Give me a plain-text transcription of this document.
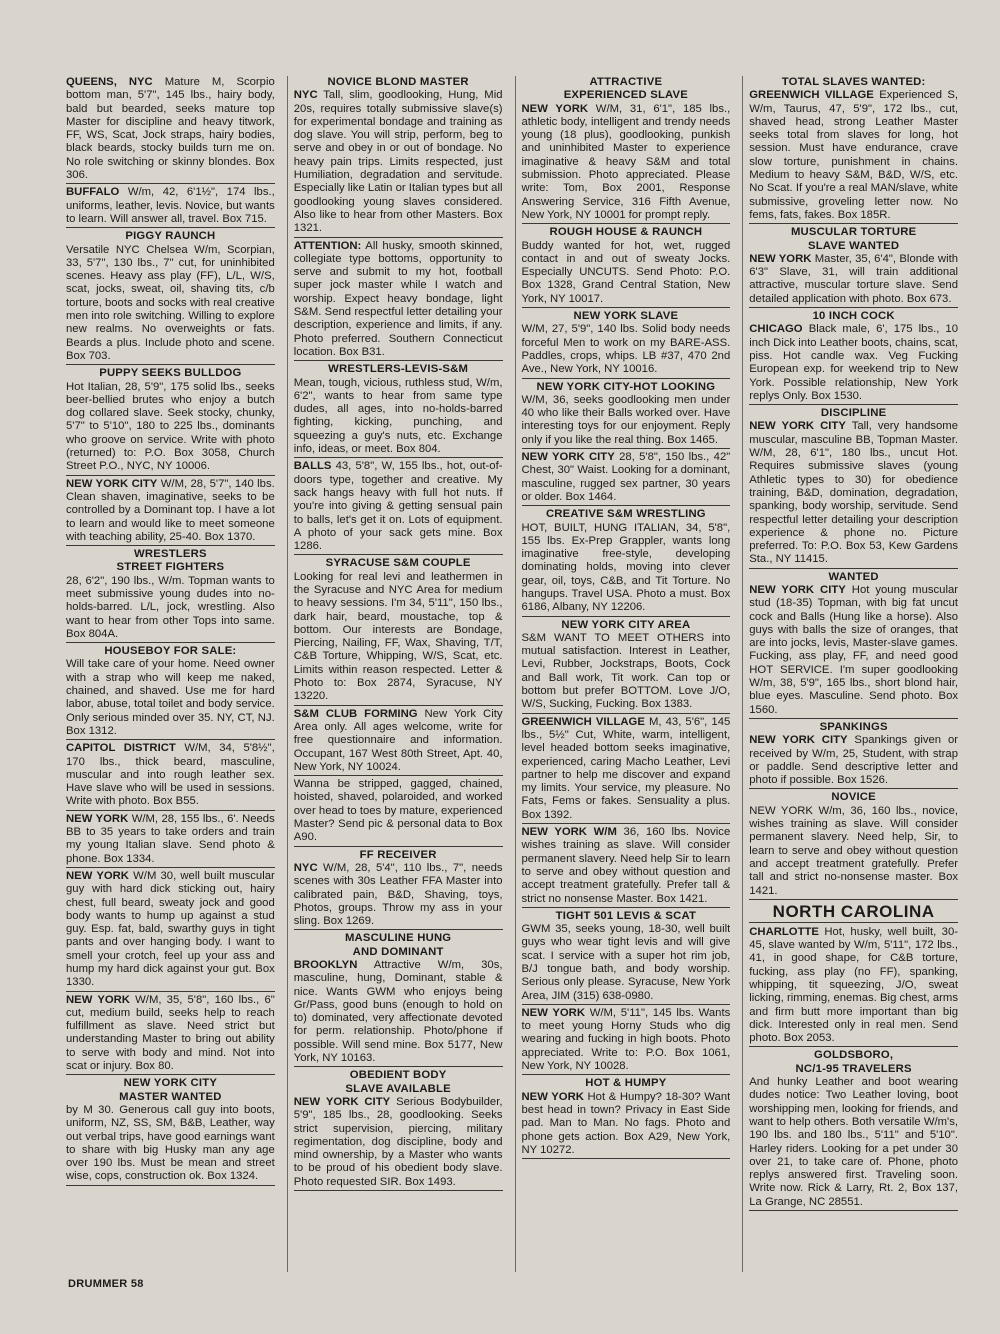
QUEENS, NYC Mature M, Scorpio bottom man, 5'7", 145 lbs., hairy body, bald but bearded, seeks mature top Master for discipline and heavy titwork, FF, WS, Scat, Jock straps, hairy bodies, black beards, stocky builds turn me on. No role switching or skinny blondes. Box 306.
BUFFALO W/m, 42, 6'1½", 174 lbs., uniforms, leather, levis. Novice, but wants to learn. Will answer all, travel. Box 715.
PIGGY RAUNCH
Versatile NYC Chelsea W/m, Scorpian, 33, 5'7", 130 lbs., 7" cut, for uninhibited scenes. Heavy ass play (FF), L/L, W/S, scat, jocks, sweat, oil, shaving tits, c/b torture, boots and socks with real creative men into role switching. Willing to explore new realms. No overweights or fats. Beards a plus. Include photo and scene. Box 703.
PUPPY SEEKS BULLDOG
Hot Italian, 28, 5'9", 175 solid lbs., seeks beer-bellied brutes who enjoy a butch dog collared slave. Seek stocky, chunky, 5'7" to 5'10", 180 to 225 lbs., dominants who groove on service. Write with photo (returned) to: P.O. Box 3058, Church Street P.O., NYC, NY 10006.
NEW YORK CITY W/M, 28, 5'7", 140 lbs. Clean shaven, imaginative, seeks to be controlled by a Dominant top. I have a lot to learn and would like to meet someone with teaching ability, 25-40. Box 1370.
WRESTLERS
STREET FIGHTERS
28, 6'2", 190 lbs., W/m. Topman wants to meet submissive young dudes into no-holds-barred. L/L, jock, wrestling. Also want to hear from other Tops into same. Box 804A.
HOUSEBOY FOR SALE:
Will take care of your home. Need owner with a strap who will keep me naked, chained, and shaved. Use me for hard labor, abuse, total toilet and body service. Only serious minded over 35. NY, CT, NJ. Box 1312.
CAPITOL DISTRICT W/M, 34, 5'8½", 170 lbs., thick beard, masculine, muscular and into rough leather sex. Have slave who will be used in sessions. Write with photo. Box B55.
NEW YORK W/M, 28, 155 lbs., 6'. Needs BB to 35 years to take orders and train my young Italian slave. Send photo & phone. Box 1334.
NEW YORK W/M 30, well built muscular guy with hard dick sticking out, hairy chest, full beard, sweaty jock and good body wants to hump up against a stud guy. Esp. fat, bald, swarthy guys in tight pants and over hanging body. I want to smell your crotch, feel up your ass and hump my hard dick against your gut. Box 1330.
NEW YORK W/M, 35, 5'8", 160 lbs., 6" cut, medium build, seeks help to reach fulfillment as slave. Need strict but understanding Master to bring out ability to serve with body and mind. Not into scat or injury. Box 80.
NEW YORK CITY
MASTER WANTED
by M 30. Generous call guy into boots, uniform, NZ, SS, SM, B&B, Leather, way out verbal trips, have good earnings want to share with big Husky man any age over 190 lbs. Must be mean and street wise, cops, construction ok. Box 1324.
NOVICE BLOND MASTER
NYC Tall, slim, goodlooking, Hung, Mid 20s, requires totally submissive slave(s) for experimental bondage and training as dog slave. You will strip, perform, beg to serve and obey in or out of bondage. No heavy pain trips. Limits respected, just Humiliation, degradation and servitude. Especially like Latin or Italian types but all goodlooking young slaves considered. Also like to hear from other Masters. Box 1321.
ATTENTION: All husky, smooth skinned, collegiate type bottoms, opportunity to serve and submit to my hot, football super jock master while I watch and worship. Expect heavy bondage, light S&M. Send respectful letter detailing your description, experience and limits, if any. Photo preferred. Southern Connecticut location. Box B31.
WRESTLERS-LEVIS-S&M
Mean, tough, vicious, ruthless stud, W/m, 6'2", wants to hear from same type dudes, all ages, into no-holds-barred fighting, kicking, punching, and squeezing a guy's nuts, etc. Exchange info, ideas, or meet. Box 804.
BALLS 43, 5'8", W, 155 lbs., hot, out-of-doors type, together and creative. My sack hangs heavy with full hot nuts. If you're into giving & getting sensual pain to balls, let's get it on. Lots of equipment. A photo of your sack gets mine. Box 1286.
SYRACUSE S&M COUPLE
Looking for real levi and leathermen in the Syracuse and NYC Area for medium to heavy sessions. I'm 34, 5'11", 150 lbs., dark hair, beard, moustache, top & bottom. Our interests are Bondage, Piercing, Nailing, FF, Wax, Shaving, T/T, C&B Torture, Whipping, W/S, Scat, etc. Limits within reason respected. Letter & Photo to: Box 2874, Syracuse, NY 13220.
S&M CLUB FORMING New York City Area only. All ages welcome, write for free questionnaire and information. Occupant, 167 West 80th Street, Apt. 40, New York, NY 10024.
Wanna be stripped, gagged, chained, hoisted, shaved, polaroided, and worked over head to toes by mature, experienced Master? Send pic & personal data to Box A90.
FF RECEIVER
NYC W/M, 28, 5'4", 110 lbs., 7", needs scenes with 30s Leather FFA Master into calibrated pain, B&D, Shaving, toys, Photos, groups. Throw my ass in your sling. Box 1269.
MASCULINE HUNG
AND DOMINANT
BROOKLYN Attractive W/m, 30s, masculine, hung, Dominant, stable & nice. Wants GWM who enjoys being Gr/Pass, good buns (enough to hold on to) dominated, very affectionate devoted for perm. relationship. Photo/phone if possible. Will send mine. Box 5177, New York, NY 10163.
OBEDIENT BODY
SLAVE AVAILABLE
NEW YORK CITY Serious Bodybuilder, 5'9", 185 lbs., 28, goodlooking. Seeks strict supervision, piercing, military regimentation, dog discipline, body and mind ownership, by a Master who wants to be proud of his obedient body slave. Photo requested SIR. Box 1493.
ATTRACTIVE
EXPERIENCED SLAVE
NEW YORK W/M, 31, 6'1", 185 lbs., athletic body, intelligent and trendy needs young (18 plus), goodlooking, punkish and uninhibited Master to experience imaginative & heavy S&M and total submission. Photo appreciated. Please write: Tom, Box 2001, Response Answering Service, 316 Fifth Avenue, New York, NY 10001 for prompt reply.
ROUGH HOUSE & RAUNCH
Buddy wanted for hot, wet, rugged contact in and out of sweaty Jocks. Especially UNCUTS. Send Photo: P.O. Box 1328, Grand Central Station, New York, NY 10017.
NEW YORK SLAVE
W/M, 27, 5'9", 140 lbs. Solid body needs forceful Men to work on my BARE-ASS. Paddles, crops, whips. LB #37, 470 2nd Ave., New York, NY 10016.
NEW YORK CITY-HOT LOOKING
W/M, 36, seeks goodlooking men under 40 who like their Balls worked over. Have interesting toys for our enjoyment. Reply only if you like the real thing. Box 1465.
NEW YORK CITY 28, 5'8", 150 lbs., 42" Chest, 30" Waist. Looking for a dominant, masculine, rugged sex partner, 30 years or older. Box 1464.
CREATIVE S&M WRESTLING
HOT, BUILT, HUNG ITALIAN, 34, 5'8", 155 lbs. Ex-Prep Grappler, wants long imaginative free-style, developing dominating holds, moving into clever gear, oil, toys, C&B, and Tit Torture. No hangups. Travel USA. Photo a must. Box 6186, Albany, NY 12206.
NEW YORK CITY AREA
S&M WANT TO MEET OTHERS into mutual satisfaction. Interest in Leather, Levi, Rubber, Jockstraps, Boots, Cock and Ball work, Tit work. Can top or bottom but prefer BOTTOM. Love J/O, W/S, Sucking, Fucking. Box 1383.
GREENWICH VILLAGE M, 43, 5'6", 145 lbs., 5½" Cut, White, warm, intelligent, level headed bottom seeks imaginative, experienced, caring Macho Leather, Levi partner to help me discover and expand my limits. Your service, my pleasure. No Fats, Fems or fakes. Sensuality a plus. Box 1392.
NEW YORK W/M 36, 160 lbs. Novice wishes training as slave. Will consider permanent slavery. Need help Sir to learn to serve and obey without question and accept treatment gratefully. Prefer tall & strict no nonsense Master. Box 1421.
TIGHT 501 LEVIS & SCAT
GWM 35, seeks young, 18-30, well built guys who wear tight levis and will give scat. I service with a super hot rim job, B/J tongue bath, and body worship. Serious only please. Syracuse, New York Area, JIM (315) 638-0980.
NEW YORK W/M, 5'11", 145 lbs. Wants to meet young Horny Studs who dig wearing and fucking in high boots. Photo appreciated. Write to: P.O. Box 1061, New York, NY 10028.
HOT & HUMPY
NEW YORK Hot & Humpy? 18-30? Want best head in town? Privacy in East Side pad. Man to Man. No fags. Photo and phone gets action. Box A29, New York, NY 10272.
TOTAL SLAVES WANTED:
GREENWICH VILLAGE Experienced S, W/m, Taurus, 47, 5'9", 172 lbs., cut, shaved head, strong Leather Master seeks total from slaves for long, hot session. Must have endurance, crave slow torture, punishment in chains. Medium to heavy S&M, B&D, W/S, etc. No Scat. If you're a real MAN/slave, white submissive, groveling letter now. No fems, fats, fakes. Box 185R.
MUSCULAR TORTURE
SLAVE WANTED
NEW YORK Master, 35, 6'4", Blonde with 6'3" Slave, 31, will train additional attractive, muscular torture slave. Send detailed application with photo. Box 673.
10 INCH COCK
CHICAGO Black male, 6', 175 lbs., 10 inch Dick into Leather boots, chains, scat, piss. Hot candle wax. Veg Fucking European exp. for weekend trip to New York. Possible relationship, New York replys Only. Box 1530.
DISCIPLINE
NEW YORK CITY Tall, very handsome muscular, masculine BB, Topman Master. W/M, 28, 6'1", 180 lbs., uncut Hot. Requires submissive slaves (young Athletic types to 30) for obedience training, B&D, domination, degradation, spanking, body worship, servitude. Send respectful letter detailing your description experience & phone no. Picture preferred. To: P.O. Box 53, Kew Gardens Sta., NY 11415.
WANTED
NEW YORK CITY Hot young muscular stud (18-35) Topman, with big fat uncut cock and Balls (Hung like a horse). Also guys with balls the size of oranges, that are into jocks, levis, Master-slave games. Fucking, ass play, FF, and need good HOT SERVICE. I'm super goodlooking W/m, 38, 5'9", 165 lbs., short blond hair, blue eyes. Masculine. Send photo. Box 1560.
SPANKINGS
NEW YORK CITY Spankings given or received by W/m, 25, Student, with strap or paddle. Send descriptive letter and photo if possible. Box 1526.
NOVICE
NEW YORK W/m, 36, 160 lbs., novice, wishes training as slave. Will consider permanent slavery. Need help, Sir, to learn to serve and obey without question and accept treatment gratefully. Prefer tall and strict no-nonsense master. Box 1421.
NORTH CAROLINA
CHARLOTTE Hot, husky, well built, 30-45, slave wanted by W/m, 5'11", 172 lbs., 41, in good shape, for C&B torture, fucking, ass play (no FF), spanking, whipping, tit squeezing, J/O, sweat licking, rimming, enemas. Big chest, arms and firm butt more important than big dick. Interested only in real men. Send photo. Box 2053.
GOLDSBORO,
NC/1-95 TRAVELERS
And hunky Leather and boot wearing dudes notice: Two Leather loving, boot worshipping men, looking for friends, and want to help others. Both versatile W/m's, 190 lbs. and 180 lbs., 5'11" and 5'10". Harley riders. Looking for a pet under 30 over 21, to take care of. Phone, photo replys answered first. Traveling soon. Write now. Rick & Larry, Rt. 2, Box 137, La Grange, NC 28551.
DRUMMER 58
